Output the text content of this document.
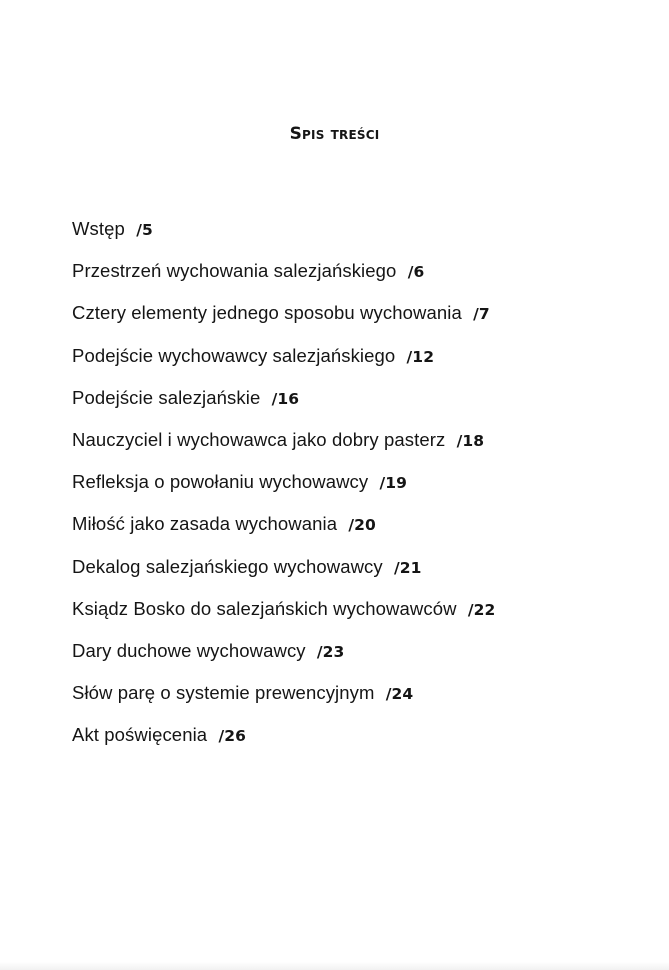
Spis treści
Wstęp /5
Przestrzeń wychowania salezjańskiego /6
Cztery elementy jednego sposobu wychowania /7
Podejście wychowawcy salezjańskiego /12
Podejście salezjańskie /16
Nauczyciel i wychowawca jako dobry pasterz /18
Refleksja o powołaniu wychowawcy /19
Miłość jako zasada wychowania /20
Dekalog salezjańskiego wychowawcy /21
Ksiądz Bosko do salezjańskich wychowawców /22
Dary duchowe wychowawcy /23
Słów parę o systemie prewencyjnym /24
Akt poświęcenia /26
